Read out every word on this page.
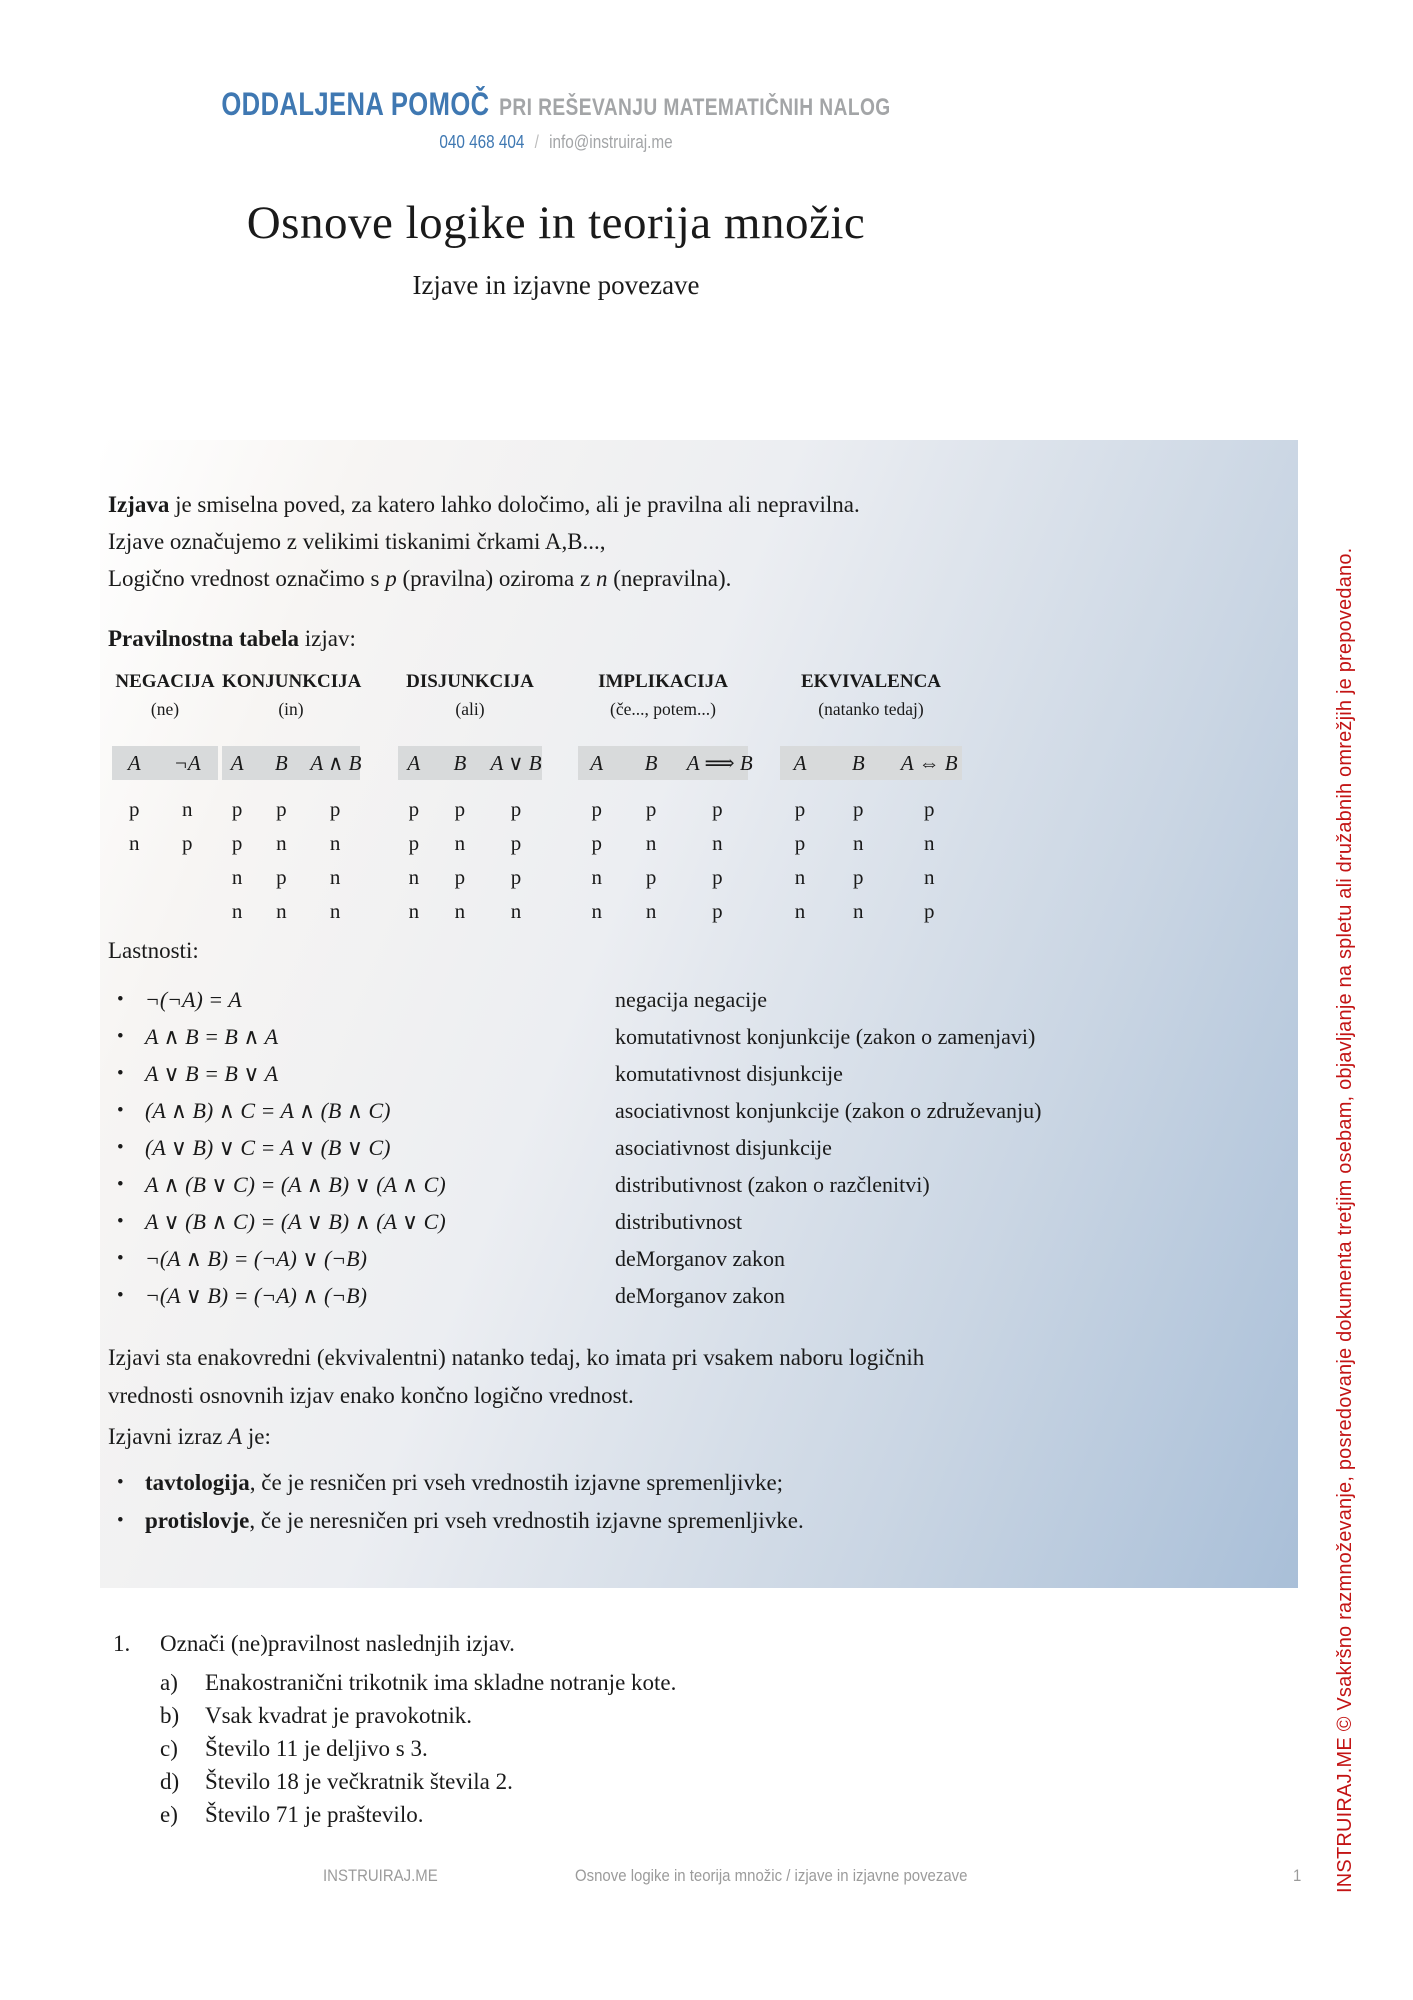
ODDALJENA POMOČ PRI REŠEVANJU MATEMATIČNIH NALOG
040 468 404 / info@instruiraj.me
Osnove logike in teorija množic
Izjave in izjavne povezave
Izjava je smiselna poved, za katero lahko določimo, ali je pravilna ali nepravilna.
Izjave označujemo z velikimi tiskanimi črkami A,B...,
Logično vrednost označimo s p (pravilna) oziroma z n (nepravilna).
Pravilnostna tabela izjav:
NEGACIJA
(ne)
A	¬A
p	n
n	p
KONJUNKCIJA
(in)
A	B	A ∧ B
p	p	p
p	n	n
n	p	n
n	n	n
DISJUNKCIJA
(ali)
A	B	A ∨ B
p	p	p
p	n	p
n	p	p
n	n	n
IMPLIKACIJA
(če..., potem...)
A	B	A ⟹ B
p	p	p
p	n	n
n	p	p
n	n	p
EKVIVALENCA
(natanko tedaj)
A	B	A ⇔ B
p	p	p
p	n	n
n	p	n
n	n	p
Lastnosti:
• ¬(¬A) = A	negacija negacije
• A ∧ B = B ∧ A	komutativnost konjunkcije (zakon o zamenjavi)
• A ∨ B = B ∨ A	komutativnost disjunkcije
• (A ∧ B) ∧ C = A ∧ (B ∧ C)	asociativnost konjunkcije (zakon o združevanju)
• (A ∨ B) ∨ C = A ∨ (B ∨ C)	asociativnost disjunkcije
• A ∧ (B ∨ C) = (A ∧ B) ∨ (A ∧ C)	distributivnost (zakon o razčlenitvi)
• A ∨ (B ∧ C) = (A ∨ B) ∧ (A ∨ C)	distributivnost
• ¬(A ∧ B) = (¬A) ∨ (¬B)	deMorganov zakon
• ¬(A ∨ B) = (¬A) ∧ (¬B)	deMorganov zakon

Izjavi sta enakovredni (ekvivalentni) natanko tedaj, ko imata pri vsakem naboru logičnih vrednosti osnovnih izjav enako končno logično vrednost.

Izjavni izraz A je:
• tavtologija, če je resničen pri vseh vrednostih izjavne spremenljivke;
• protislovje, če je neresničen pri vseh vrednostih izjavne spremenljivke.
1.	Označi (ne)pravilnost naslednjih izjav.
a)	Enakostranični trikotnik ima skladne notranje kote.
b)	Vsak kvadrat je pravokotnik.
c)	Število 11 je deljivo s 3.
d)	Število 18 je večkratnik števila 2.
e)	Število 71 je praštevilo.
INSTRUIRAJ.ME	Osnove logike in teorija množic / izjave in izjavne povezave	1 INSTRUIRAJ.ME © Vsakršno razmnoževanje, posredovanje dokumenta tretjim osebam, objavljanje na spletu ali družabnih omrežjih je prepovedano.
